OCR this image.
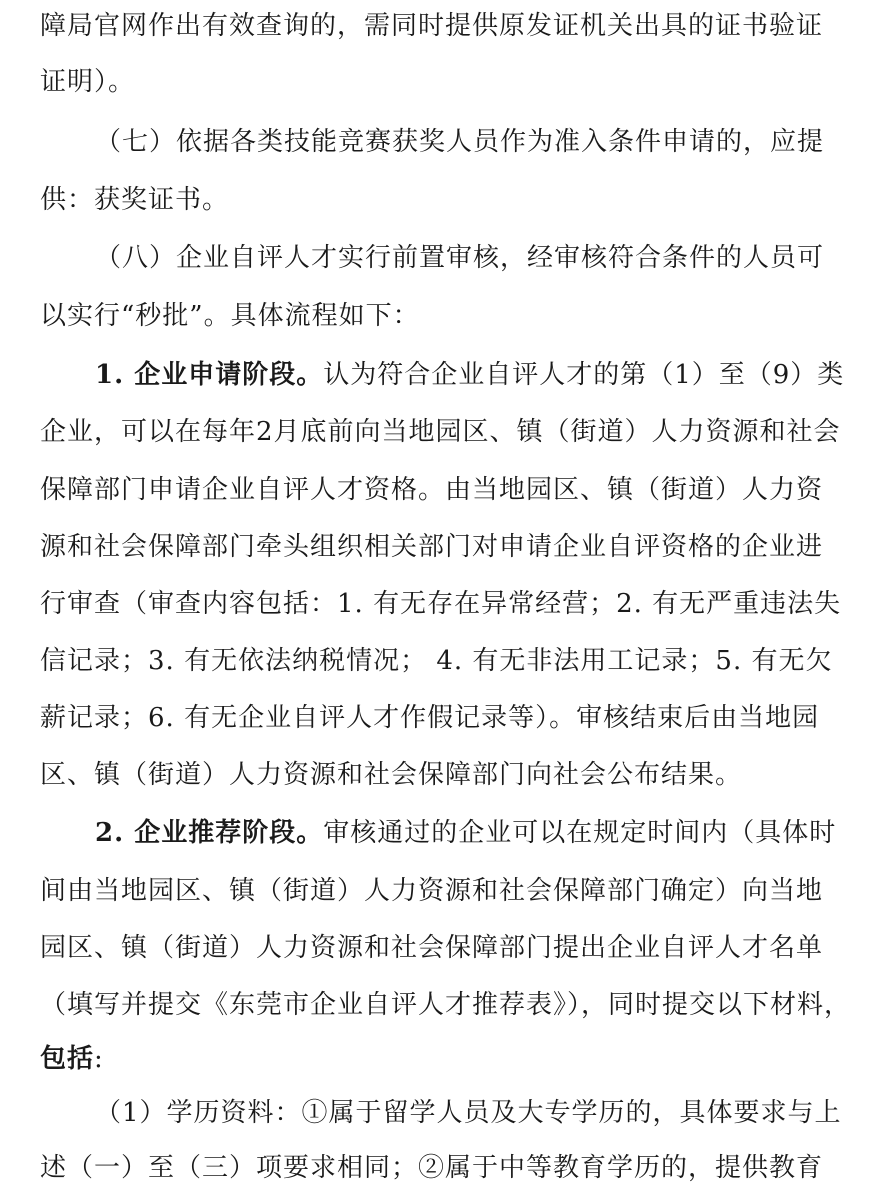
障局官网作出有效查询的，需同时提供原发证机关出具的证书验证
证明）。
（七）依据各类技能竞赛获奖人员作为准入条件申请的，应提
供：获奖证书。
（八）企业自评人才实行前置审核，经审核符合条件的人员可
以实行“秒批”。具体流程如下：
1. 企业申请阶段。认为符合企业自评人才的第（1）至（9）类
企业，可以在每年2月底前向当地园区、镇（街道）人力资源和社会
保障部门申请企业自评人才资格。由当地园区、镇（街道）人力资
源和社会保障部门牵头组织相关部门对申请企业自评资格的企业进
行审查（审查内容包括：1. 有无存在异常经营；2. 有无严重违法失
信记录；3. 有无依法纳税情况； 4. 有无非法用工记录；5. 有无欠
薪记录；6. 有无企业自评人才作假记录等）。审核结束后由当地园
区、镇（街道）人力资源和社会保障部门向社会公布结果。
2. 企业推荐阶段。审核通过的企业可以在规定时间内（具体时
间由当地园区、镇（街道）人力资源和社会保障部门确定）向当地
园区、镇（街道）人力资源和社会保障部门提出企业自评人才名单
（填写并提交《东莞市企业自评人才推荐表》），同时提交以下材料，
包括:
（1）学历资料：①属于留学人员及大专学历的，具体要求与上
述（一）至（三）项要求相同；②属于中等教育学历的，提供教育
